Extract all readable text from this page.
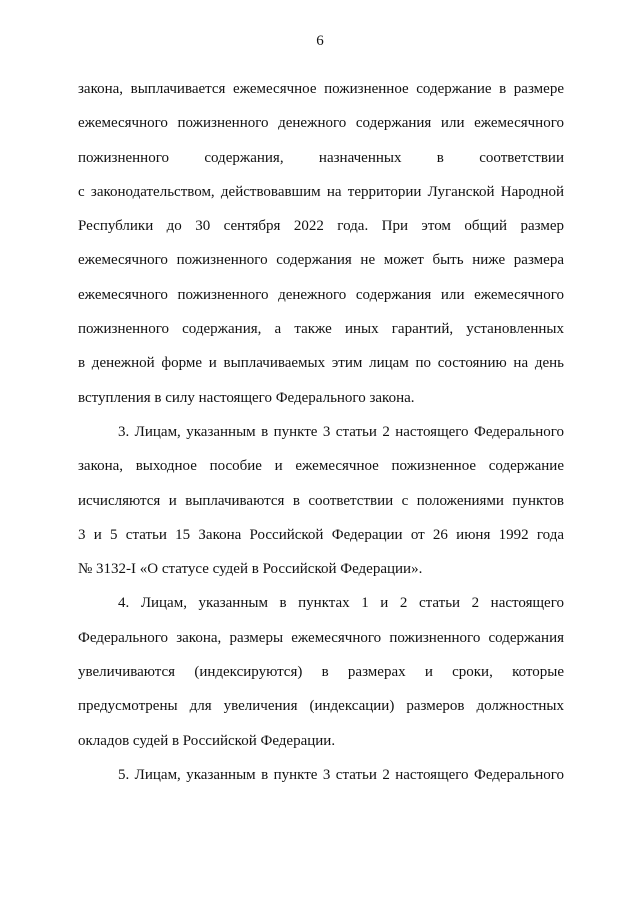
6
закона, выплачивается ежемесячное пожизненное содержание в размере
ежемесячного пожизненного денежного содержания или ежемесячного
пожизненного содержания, назначенных в соответствии
с законодательством, действовавшим на территории Луганской Народной
Республики до 30 сентября 2022 года. При этом общий размер
ежемесячного пожизненного содержания не может быть ниже размера
ежемесячного пожизненного денежного содержания или ежемесячного
пожизненного содержания, а также иных гарантий, установленных
в денежной форме и выплачиваемых этим лицам по состоянию на день
вступления в силу настоящего Федерального закона.
3. Лицам, указанным в пункте 3 статьи 2 настоящего Федерального
закона, выходное пособие и ежемесячное пожизненное содержание
исчисляются и выплачиваются в соответствии с положениями пунктов
3 и 5 статьи 15 Закона Российской Федерации от 26 июня 1992 года
№ 3132-I «О статусе судей в Российской Федерации».
4. Лицам, указанным в пунктах 1 и 2 статьи 2 настоящего
Федерального закона, размеры ежемесячного пожизненного содержания
увеличиваются (индексируются) в размерах и сроки, которые
предусмотрены для увеличения (индексации) размеров должностных
окладов судей в Российской Федерации.
5. Лицам, указанным в пункте 3 статьи 2 настоящего Федерального
